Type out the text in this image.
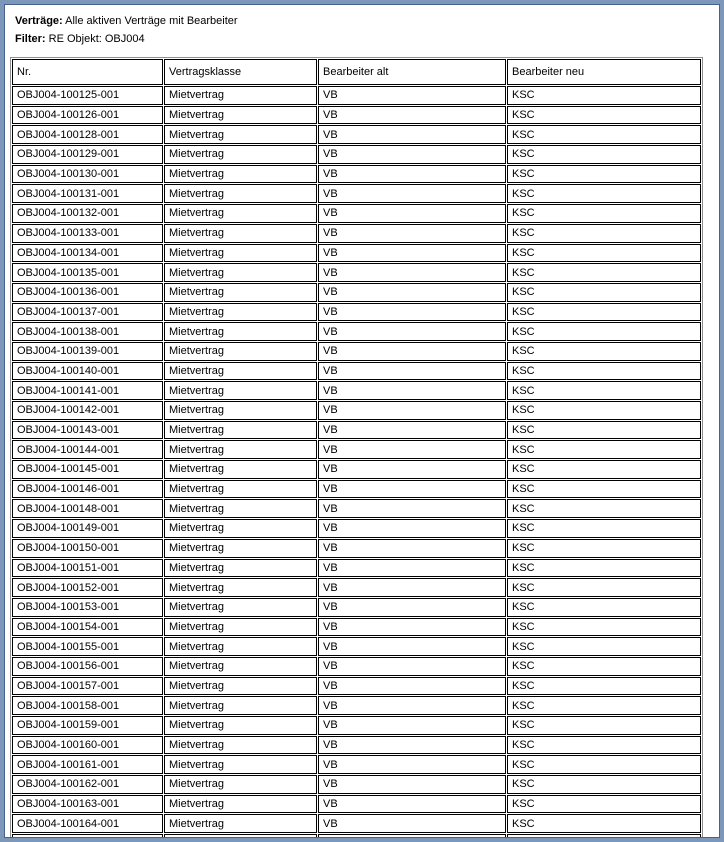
Verträge: Alle aktiven Verträge mit Bearbeiter
Filter: RE Objekt: OBJ004
Nr.	Vertragsklasse	Bearbeiter alt	Bearbeiter neu
OBJ004-100125-001	Mietvertrag	VB	KSC
OBJ004-100126-001	Mietvertrag	VB	KSC
OBJ004-100128-001	Mietvertrag	VB	KSC
OBJ004-100129-001	Mietvertrag	VB	KSC
OBJ004-100130-001	Mietvertrag	VB	KSC
OBJ004-100131-001	Mietvertrag	VB	KSC
OBJ004-100132-001	Mietvertrag	VB	KSC
OBJ004-100133-001	Mietvertrag	VB	KSC
OBJ004-100134-001	Mietvertrag	VB	KSC
OBJ004-100135-001	Mietvertrag	VB	KSC
OBJ004-100136-001	Mietvertrag	VB	KSC
OBJ004-100137-001	Mietvertrag	VB	KSC
OBJ004-100138-001	Mietvertrag	VB	KSC
OBJ004-100139-001	Mietvertrag	VB	KSC
OBJ004-100140-001	Mietvertrag	VB	KSC
OBJ004-100141-001	Mietvertrag	VB	KSC
OBJ004-100142-001	Mietvertrag	VB	KSC
OBJ004-100143-001	Mietvertrag	VB	KSC
OBJ004-100144-001	Mietvertrag	VB	KSC
OBJ004-100145-001	Mietvertrag	VB	KSC
OBJ004-100146-001	Mietvertrag	VB	KSC
OBJ004-100148-001	Mietvertrag	VB	KSC
OBJ004-100149-001	Mietvertrag	VB	KSC
OBJ004-100150-001	Mietvertrag	VB	KSC
OBJ004-100151-001	Mietvertrag	VB	KSC
OBJ004-100152-001	Mietvertrag	VB	KSC
OBJ004-100153-001	Mietvertrag	VB	KSC
OBJ004-100154-001	Mietvertrag	VB	KSC
OBJ004-100155-001	Mietvertrag	VB	KSC
OBJ004-100156-001	Mietvertrag	VB	KSC
OBJ004-100157-001	Mietvertrag	VB	KSC
OBJ004-100158-001	Mietvertrag	VB	KSC
OBJ004-100159-001	Mietvertrag	VB	KSC
OBJ004-100160-001	Mietvertrag	VB	KSC
OBJ004-100161-001	Mietvertrag	VB	KSC
OBJ004-100162-001	Mietvertrag	VB	KSC
OBJ004-100163-001	Mietvertrag	VB	KSC
OBJ004-100164-001	Mietvertrag	VB	KSC
